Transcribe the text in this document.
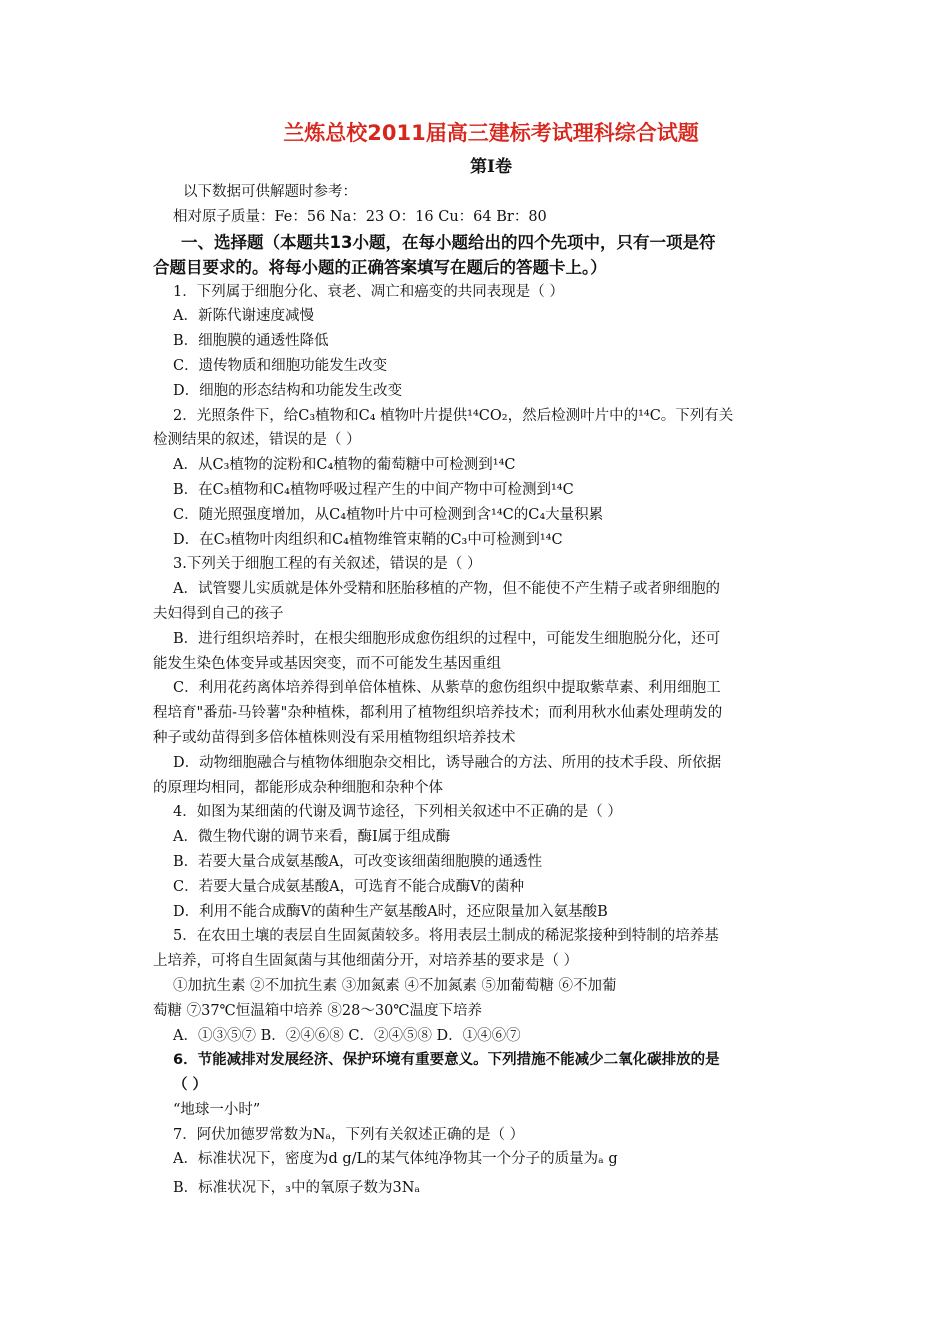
兰炼总校2011届高三建标考试理科综合试题
第Ⅰ卷
以下数据可供解题时参考：
相对原子质量：Fe：56 Na：23 O：16 Cu：64 Br：80
一、选择题（本题共13小题，在每小题给出的四个先项中，只有一项是符
合题目要求的。将每小题的正确答案填写在题后的答题卡上。）
1．下列属于细胞分化、衰老、凋亡和癌变的共同表现是（ ）
A．新陈代谢速度减慢
B．细胞膜的通透性降低
C．遗传物质和细胞功能发生改变
D．细胞的形态结构和功能发生改变
2．光照条件下，给C₃植物和C₄ 植物叶片提供¹⁴CO₂，然后检测叶片中的¹⁴C。下列有关
检测结果的叙述，错误的是（ ）
A．从C₃植物的淀粉和C₄植物的葡萄糖中可检测到¹⁴C
B．在C₃植物和C₄植物呼吸过程产生的中间产物中可检测到¹⁴C
C．随光照强度增加，从C₄植物叶片中可检测到含¹⁴C的C₄大量积累
D．在C₃植物叶肉组织和C₄植物维管束鞘的C₃中可检测到¹⁴C
3.下列关于细胞工程的有关叙述，错误的是（ ）
A．试管婴儿实质就是体外受精和胚胎移植的产物，但不能使不产生精子或者卵细胞的
夫妇得到自己的孩子
B．进行组织培养时，在根尖细胞形成愈伤组织的过程中，可能发生细胞脱分化，还可
能发生染色体变异或基因突变，而不可能发生基因重组
C．利用花药离体培养得到单倍体植株、从紫草的愈伤组织中提取紫草素、利用细胞工
程培育"番茄-马铃薯"杂种植株，都利用了植物组织培养技术；而利用秋水仙素处理萌发的
种子或幼苗得到多倍体植株则没有采用植物组织培养技术
D．动物细胞融合与植物体细胞杂交相比，诱导融合的方法、所用的技术手段、所依据
的原理均相同，都能形成杂种细胞和杂种个体
4．如图为某细菌的代谢及调节途径，下列相关叙述中不正确的是（ ）
A．微生物代谢的调节来看，酶Ⅰ属于组成酶
B．若要大量合成氨基酸A，可改变该细菌细胞膜的通透性
C．若要大量合成氨基酸A，可选育不能合成酶Ⅴ的菌种
D．利用不能合成酶Ⅴ的菌种生产氨基酸A时，还应限量加入氨基酸B
5．在农田土壤的表层自生固氮菌较多。将用表层土制成的稀泥浆接种到特制的培养基
上培养，可将自生固氮菌与其他细菌分开，对培养基的要求是（ ）
①加抗生素 ②不加抗生素 ③加氮素 ④不加氮素 ⑤加葡萄糖 ⑥不加葡
萄糖 ⑦37℃恒温箱中培养 ⑧28～30℃温度下培养
A．①③⑤⑦ B．②④⑥⑧ C．②④⑤⑧ D．①④⑥⑦
6．节能减排对发展经济、保护环境有重要意义。下列措施不能减少二氧化碳排放的是
（ ）
“地球一小时”
7．阿伏加德罗常数为Nₐ，下列有关叙述正确的是（ ）
A．标准状况下，密度为d g/L的某气体纯净物其一个分子的质量为ₐ g
B．标准状况下，₃中的氧原子数为3Nₐ
